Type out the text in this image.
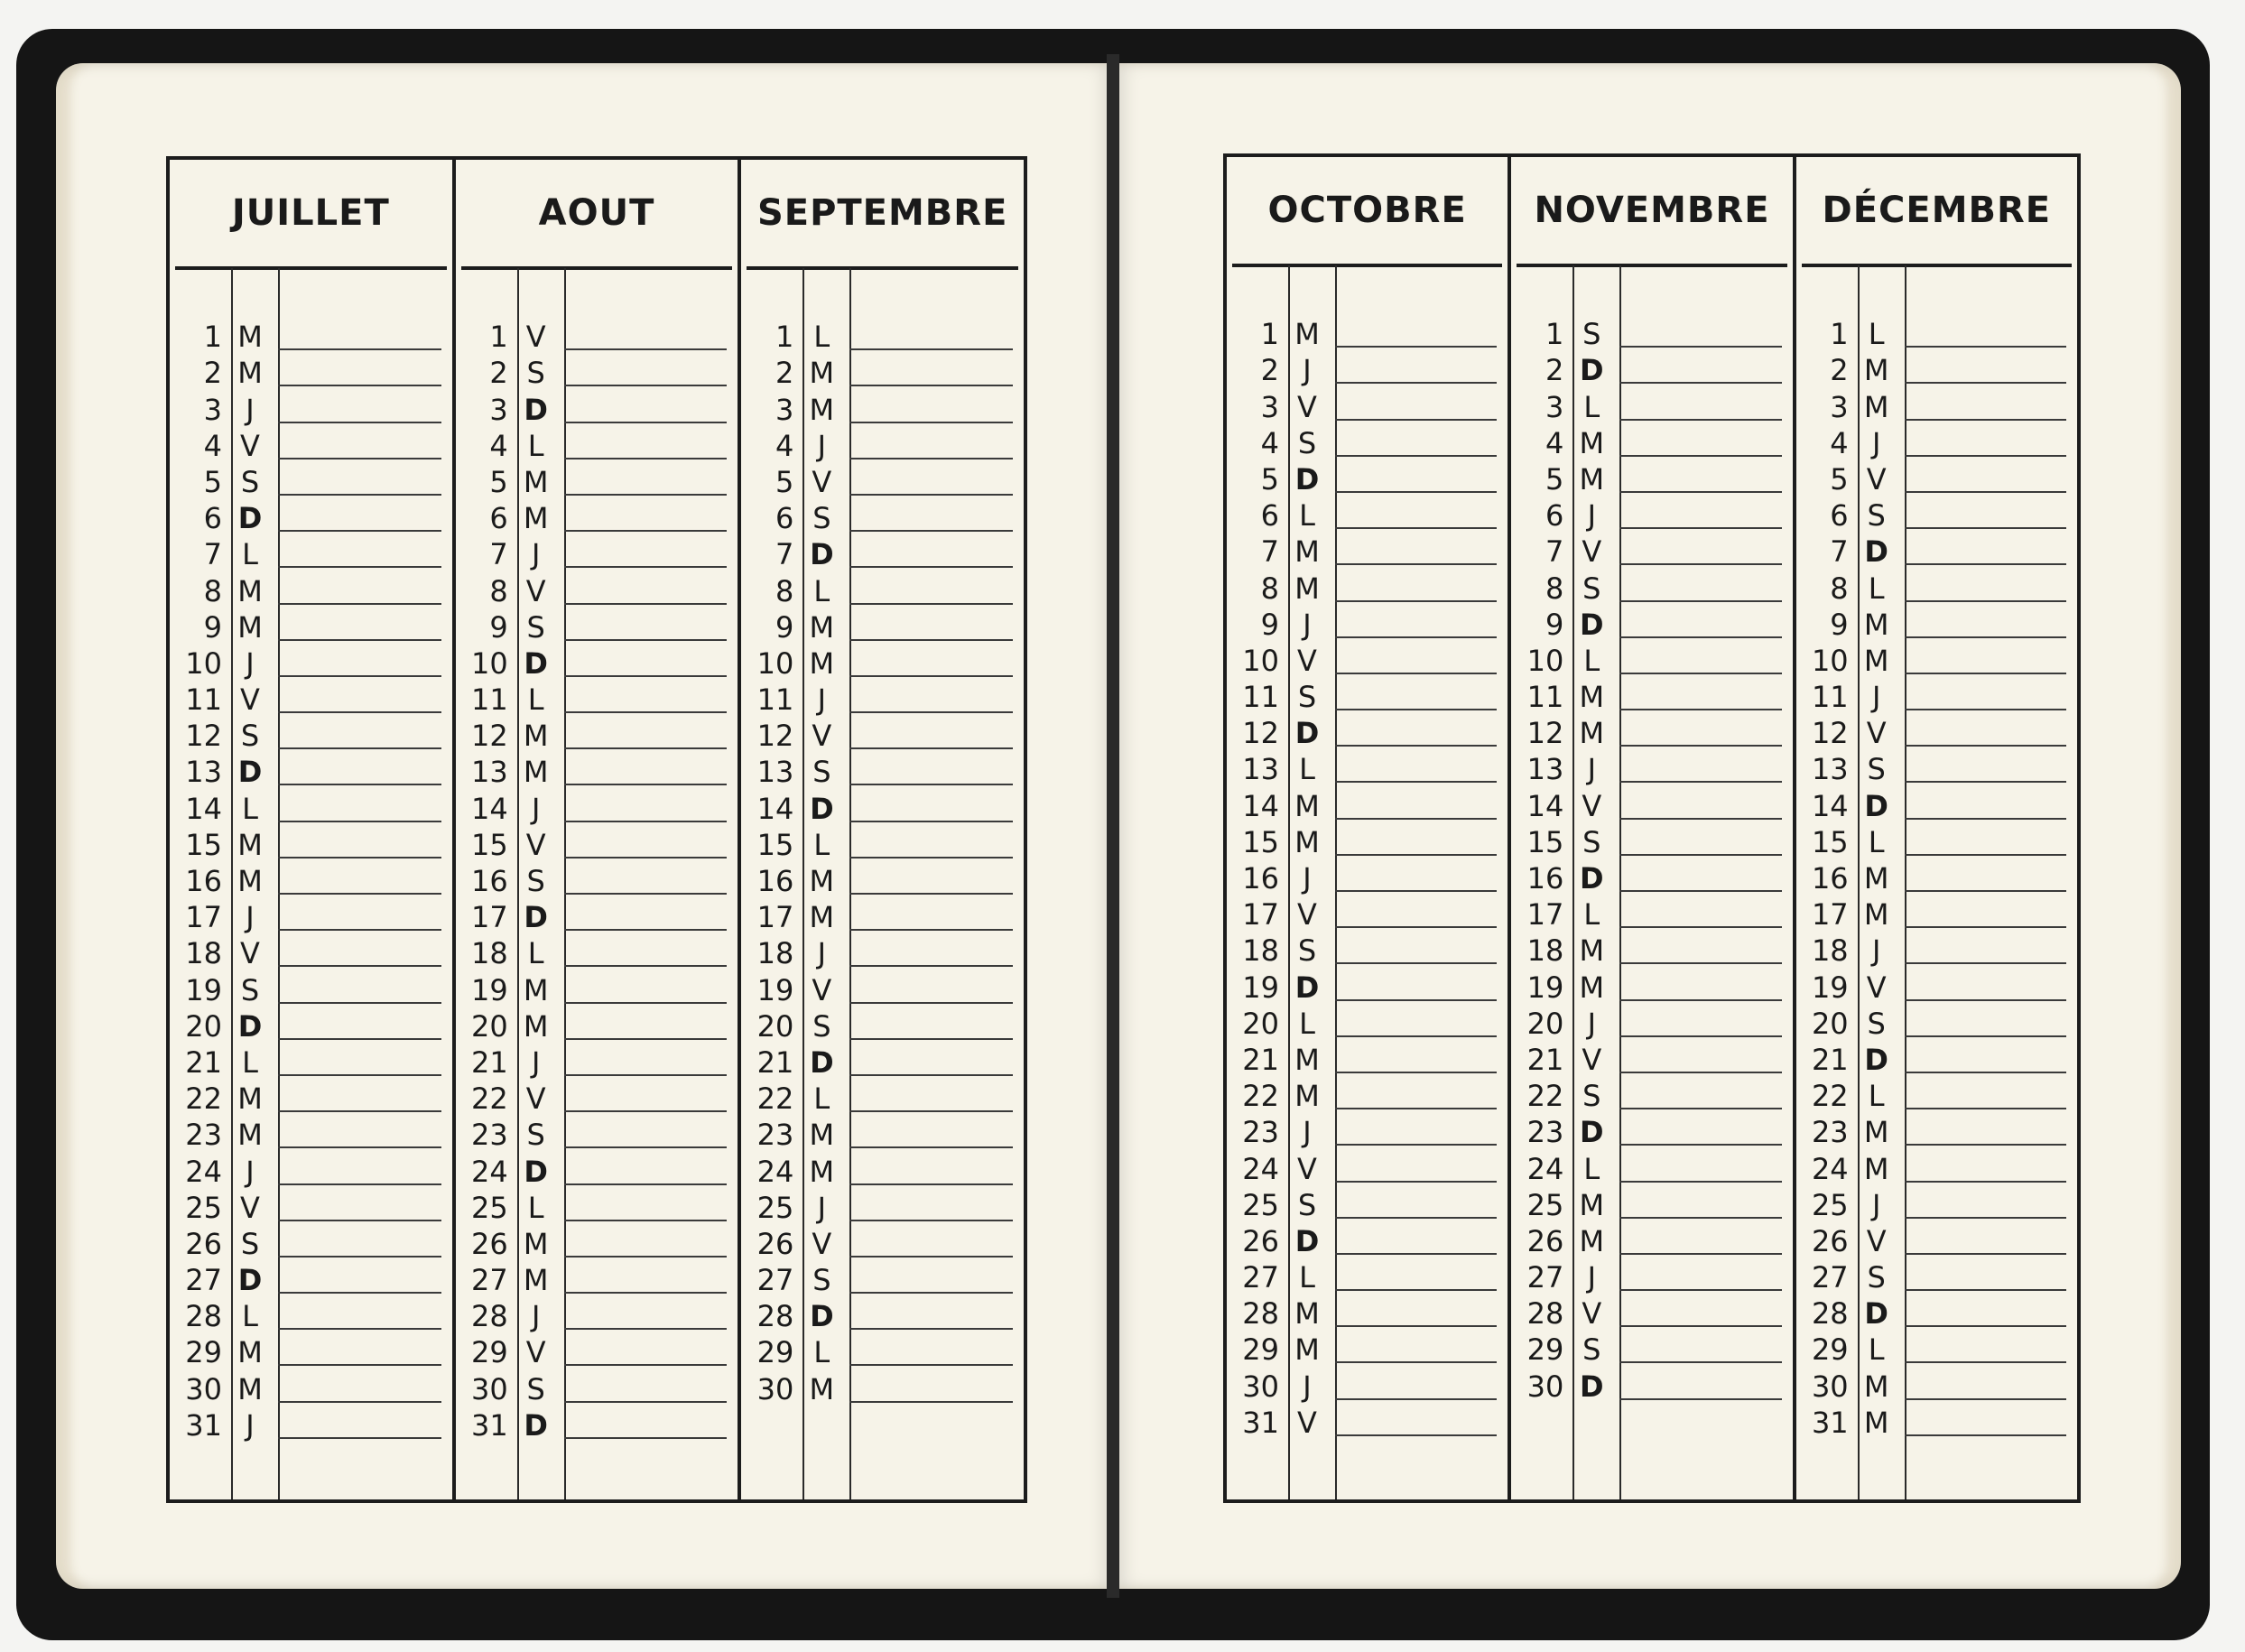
JUILLET
1 M
2 M
3 J
4 V
5 S
6 D
7 L
8 M
9 M
10 J
11 V
12 S
13 D
14 L
15 M
16 M
17 J
18 V
19 S
20 D
21 L
22 M
23 M
24 J
25 V
26 S
27 D
28 L
29 M
30 M
31 J
AOUT
1 V
2 S
3 D
4 L
5 M
6 M
7 J
8 V
9 S
10 D
11 L
12 M
13 M
14 J
15 V
16 S
17 D
18 L
19 M
20 M
21 J
22 V
23 S
24 D
25 L
26 M
27 M
28 J
29 V
30 S
31 D
SEPTEMBRE
1 L
2 M
3 M
4 J
5 V
6 S
7 D
8 L
9 M
10 M
11 J
12 V
13 S
14 D
15 L
16 M
17 M
18 J
19 V
20 S
21 D
22 L
23 M
24 M
25 J
26 V
27 S
28 D
29 L
30 M
OCTOBRE
1 M
2 J
3 V
4 S
5 D
6 L
7 M
8 M
9 J
10 V
11 S
12 D
13 L
14 M
15 M
16 J
17 V
18 S
19 D
20 L
21 M
22 M
23 J
24 V
25 S
26 D
27 L
28 M
29 M
30 J
31 V
NOVEMBRE
1 S
2 D
3 L
4 M
5 M
6 J
7 V
8 S
9 D
10 L
11 M
12 M
13 J
14 V
15 S
16 D
17 L
18 M
19 M
20 J
21 V
22 S
23 D
24 L
25 M
26 M
27 J
28 V
29 S
30 D
DÉCEMBRE
1 L
2 M
3 M
4 J
5 V
6 S
7 D
8 L
9 M
10 M
11 J
12 V
13 S
14 D
15 L
16 M
17 M
18 J
19 V
20 S
21 D
22 L
23 M
24 M
25 J
26 V
27 S
28 D
29 L
30 M
31 M
